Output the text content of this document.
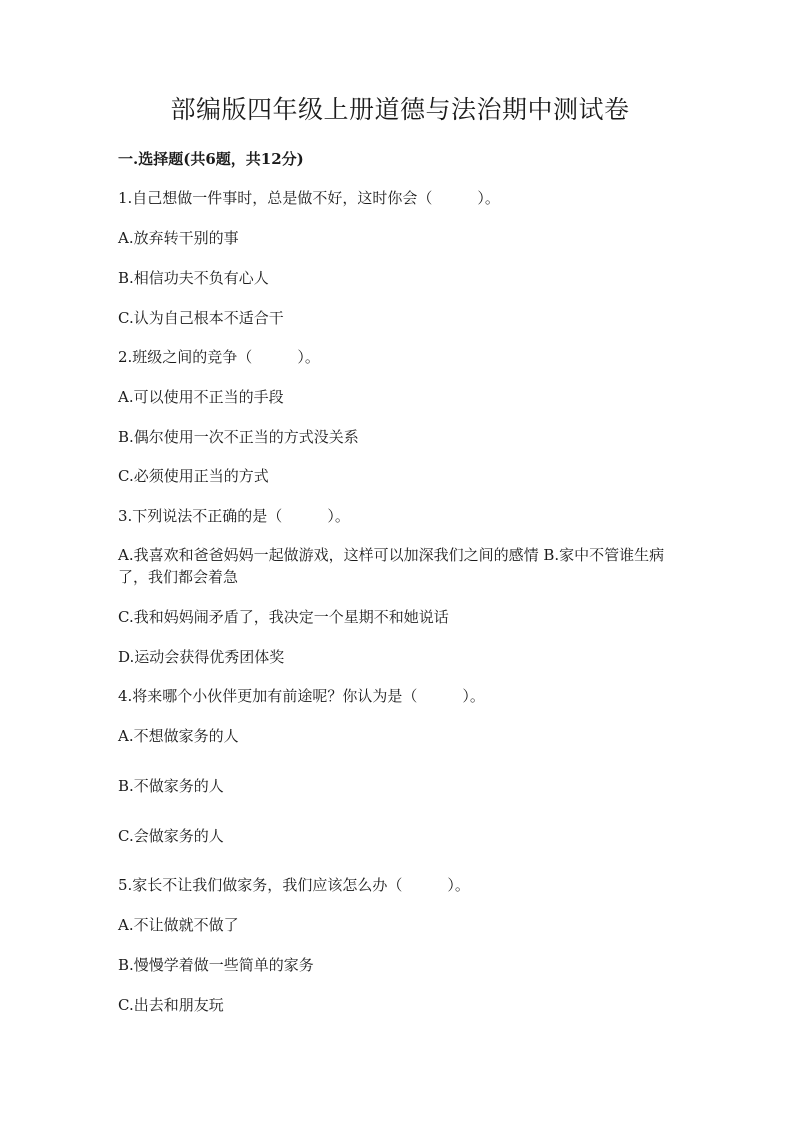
部编版四年级上册道德与法治期中测试卷
一.选择题(共6题，共12分)
1.自己想做一件事时，总是做不好，这时你会（　　　）。
A.放弃转干别的事
B.相信功夫不负有心人
C.认为自己根本不适合干
2.班级之间的竞争（　　　）。
A.可以使用不正当的手段
B.偶尔使用一次不正当的方式没关系
C.必须使用正当的方式
3.下列说法不正确的是（　　　）。
A.我喜欢和爸爸妈妈一起做游戏，这样可以加深我们之间的感情 B.家中不管谁生病了，我们都会着急
C.我和妈妈闹矛盾了，我决定一个星期不和她说话
D.运动会获得优秀团体奖
4.将来哪个小伙伴更加有前途呢？你认为是（　　　）。
A.不想做家务的人
B.不做家务的人
C.会做家务的人
5.家长不让我们做家务，我们应该怎么办（　　　）。
A.不让做就不做了
B.慢慢学着做一些简单的家务
C.出去和朋友玩
